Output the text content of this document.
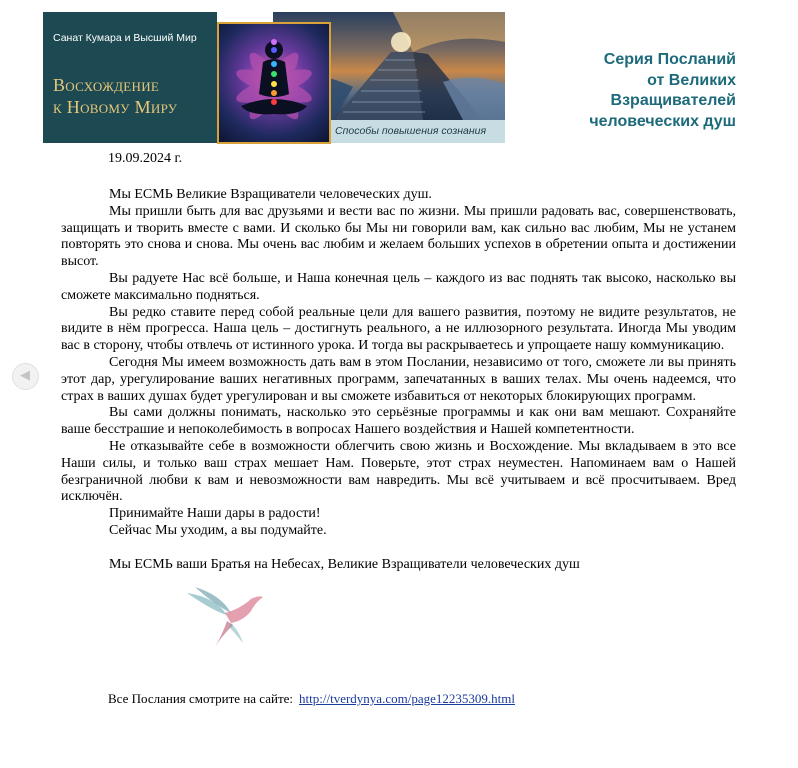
Санат Кумара и Высший Мир
Восхождение
к Новому Миру
Способы повышения сознания
Серия Посланий
от Великих
Взращивателей
человеческих душ
19.09.2024 г.

Мы ЕСМЬ Великие Взращиватели человеческих душ.

Мы пришли быть для вас друзьями и вести вас по жизни. Мы пришли радовать вас, совершенствовать, защищать и творить вместе с вами. И сколько бы Мы ни говорили вам, как сильно вас любим, Мы не устанем повторять это снова и снова. Мы очень вас любим и желаем больших успехов в обретении опыта и достижении высот.

Вы радуете Нас всё больше, и Наша конечная цель – каждого из вас поднять так высоко, насколько вы сможете максимально подняться.

Вы редко ставите перед собой реальные цели для вашего развития, поэтому не видите результатов, не видите в нём прогресса. Наша цель – достигнуть реального, а не иллюзорного результата. Иногда Мы уводим вас в сторону, чтобы отвлечь от истинного урока. И тогда вы раскрываетесь и упрощаете нашу коммуникацию.

Сегодня Мы имеем возможность дать вам в этом Послании, независимо от того, сможете ли вы принять этот дар, урегулирование ваших негативных программ, запечатанных в ваших телах. Мы очень надеемся, что страх в ваших душах будет урегулирован и вы сможете избавиться от некоторых блокирующих программ.

Вы сами должны понимать, насколько это серьёзные программы и как они вам мешают. Сохраняйте ваше бесстрашие и непоколебимость в вопросах Нашего воздействия и Нашей компетентности.

Не отказывайте себе в возможности облегчить свою жизнь и Восхождение. Мы вкладываем в это все Наши силы, и только ваш страх мешает Нам. Поверьте, этот страх неуместен. Напоминаем вам о Нашей безграничной любви к вам и невозможности вам навредить. Мы всё учитываем и всё просчитываем. Вред исключён.

Принимайте Наши дары в радости!

Сейчас Мы уходим, а вы подумайте.

Мы ЕСМЬ ваши Братья на Небесах, Великие Взращиватели человеческих душ

◀
Все Послания смотрите на сайте: http://tverdynya.com/page12235309.html
